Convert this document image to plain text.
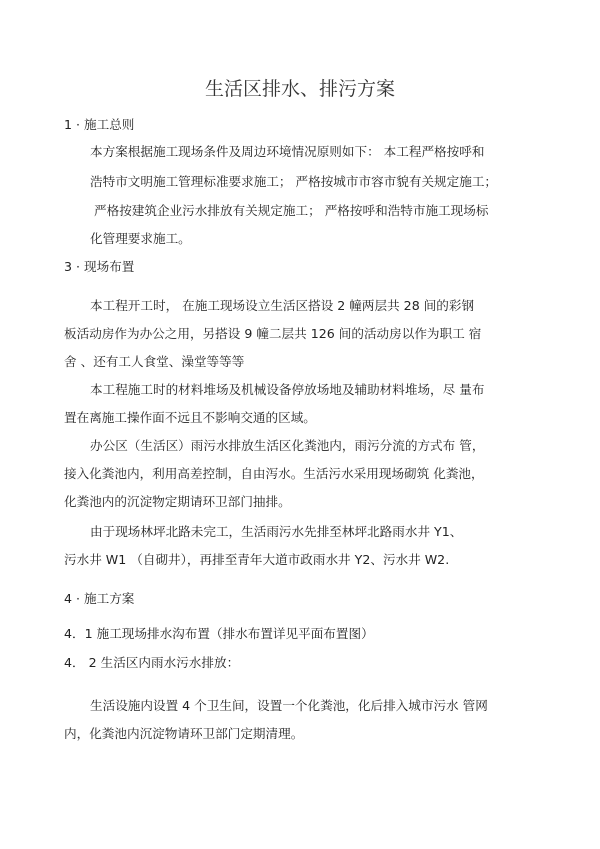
生活区排水、排污方案
1 · 施工总则
本方案根据施工现场条件及周边环境情况原则如下： 本工程严格按呼和
浩特市文明施工管理标准要求施工； 严格按城市市容市貌有关规定施工；
严格按建筑企业污水排放有关规定施工； 严格按呼和浩特市施工现场标
化管理要求施工。
3 · 现场布置
本工程开工时， 在施工现场设立生活区搭设 2 幢两层共 28 间的彩钢
板活动房作为办公之用，另搭设 9 幢二层共 126 间的活动房以作为职工 宿
舍 、还有工人食堂、澡堂等等等
本工程施工时的材料堆场及机械设备停放场地及辅助材料堆场，尽 量布
置在离施工操作面不远且不影响交通的区域。
办公区（生活区）雨污水排放生活区化粪池内，雨污分流的方式布 管，
接入化粪池内，利用高差控制，自由泻水。生活污水采用现场砌筑 化粪池，
化粪池内的沉淀物定期请环卫部门抽排。
由于现场林坪北路未完工，生活雨污水先排至林坪北路雨水井 Y1、
污水井 W1 （自砌井），再排至青年大道市政雨水井 Y2、污水井 W2.
4 · 施工方案
4．1 施工现场排水沟布置（排水布置详见平面布置图）
4． 2 生活区内雨水污水排放：
生活设施内设置 4 个卫生间，设置一个化粪池，化后排入城市污水 管网
内，化粪池内沉淀物请环卫部门定期清理。
